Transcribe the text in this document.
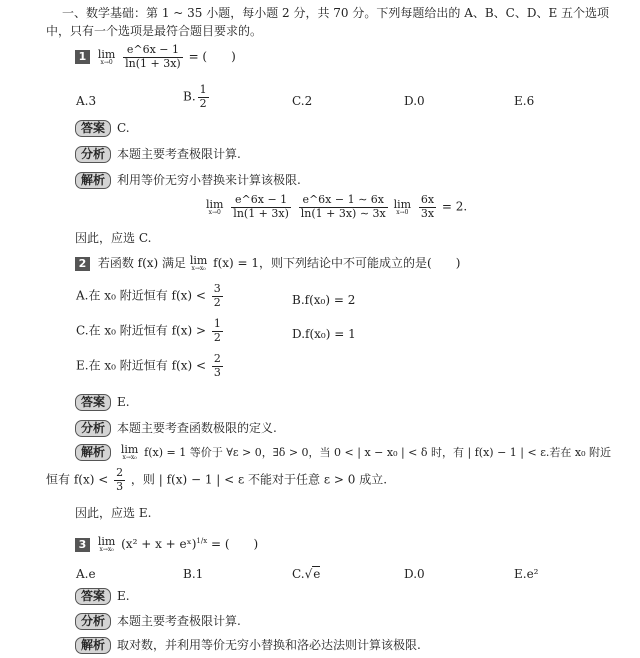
一、数学基础：第 1 ~ 35 小题，每小题 2 分，共 70 分。下列每题给出的 A、B、C、D、E 五个选项中，只有一个选项是最符合题目要求的。
1 lim
x→0
$\frac{e\^{}6x - 1}{\ln(1 + 3x)}$ = (　　)
A.3	B. $\frac{1}{2}$	C.2	D.0	E.6
答案 C.
分析 本题主要考查极限计算.
解析 利用等价无穷小替换来计算该极限.
lim
x→0
$\frac{e\^{}6x - 1}{\ln(1 + 3x)}$
$\frac{e\^{}6x - 1 \sim 6x}{\ln(1 + 3x) \sim 3x}$
lim
x→0
$\frac{6x}{3x} = 2$.
因此，应选 C.
2 若函数 f(x) 满足 lim
x→x₀ f(x) = 1，则下列结论中不可能成立的是(　　)
A.在 x₀ 附近恒有 $f(x) < \frac{3}{2}$	B.f(x₀) = 2
C.在 x₀ 附近恒有 $f(x) > \frac{1}{2}$	D.f(x₀) = 1
E.在 x₀ 附近恒有 $f(x) < \frac{2}{3}$
答案 E.
分析 本题主要考查函数极限的定义.
解析 lim
x→x₀ f(x) = 1 等价于 ∀ε > 0，∃δ > 0，当 0 < | x − x₀ | < δ 时，有 | f(x) − 1 | < ε.若在 x₀ 附近
恒有 $f(x) < \frac{2}{3}$ ，则 | f(x) − 1 | < ε 不能对于任意 ε > 0 成立.
因此，应选 E.
3 lim
x→x₀ (x² + x + eˣ)$^{1/x}$ = (　　)
A.e	B.1	C.√e	D.0	E.e²
答案 E.
分析 本题主要考查极限计算.
解析 取对数，并利用等价无穷小替换和洛必达法则计算该极限.
